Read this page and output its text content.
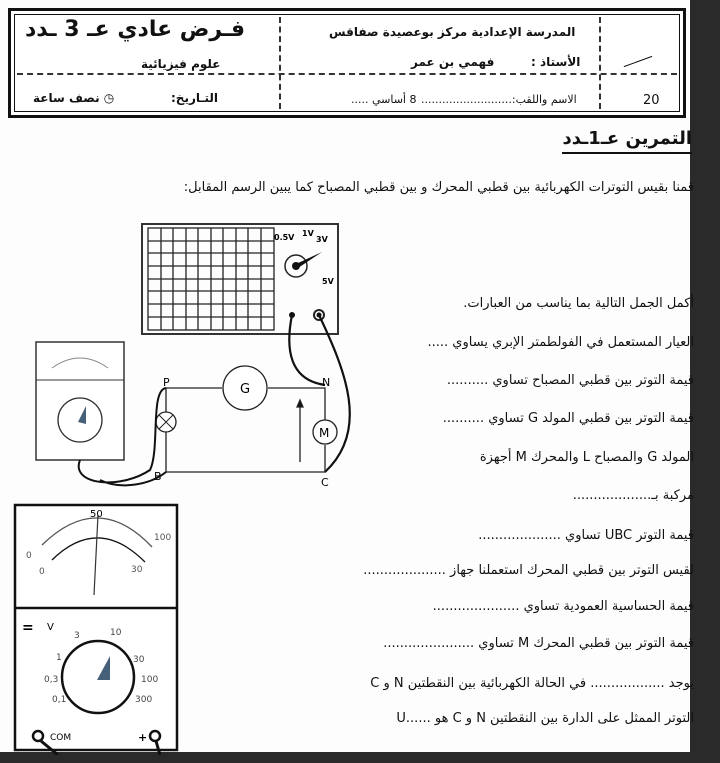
فـرض عادي عـ 3 ـدد
علوم فيزيائية
التـاريخ:
◷ نصف ساعة
المدرسة الإعدادية مركز بوعصيدة صفاقس
الأستاذ :
فهمي بن عمر
الاسم واللقب:..........................
8 أساسي .....	20
التمرين عـ1ـدد
قمنا بقيس التوترات الكهربائية بين قطبي المحرك و بين قطبي المصباح كما يبين الرسم المقابل:
أكمل الجمل التالية بما يناسب من العبارات.
العيار المستعمل في الفولطمتر الإبري يساوي .....
قيمة التوتر بين قطبي المصباح تساوي ..........
قيمة التوتر بين قطبي المولد G تساوي ..........
المولد G والمصباح L والمحرك M أجهزة
مركبة بـ...................
قيمة التوتر UBC تساوي ....................
لقيس التوتر بين قطبي المحرك استعملنا جهاز ....................
قيمة الحساسية العمودية تساوي .....................
قيمة التوتر بين قطبي المحرك M تساوي ......................
يوجد .................. في الحالة الكهربائية بين النقطتين N و C
التوتر الممثل على الدارة بين النقطتين N و C هو ......U
0.5V 1V
3V
5V
G
M
P	N
B	C
50
0
100
0	30
= V
3	10
1	30
0,3	100
0,1	300
COM	+
